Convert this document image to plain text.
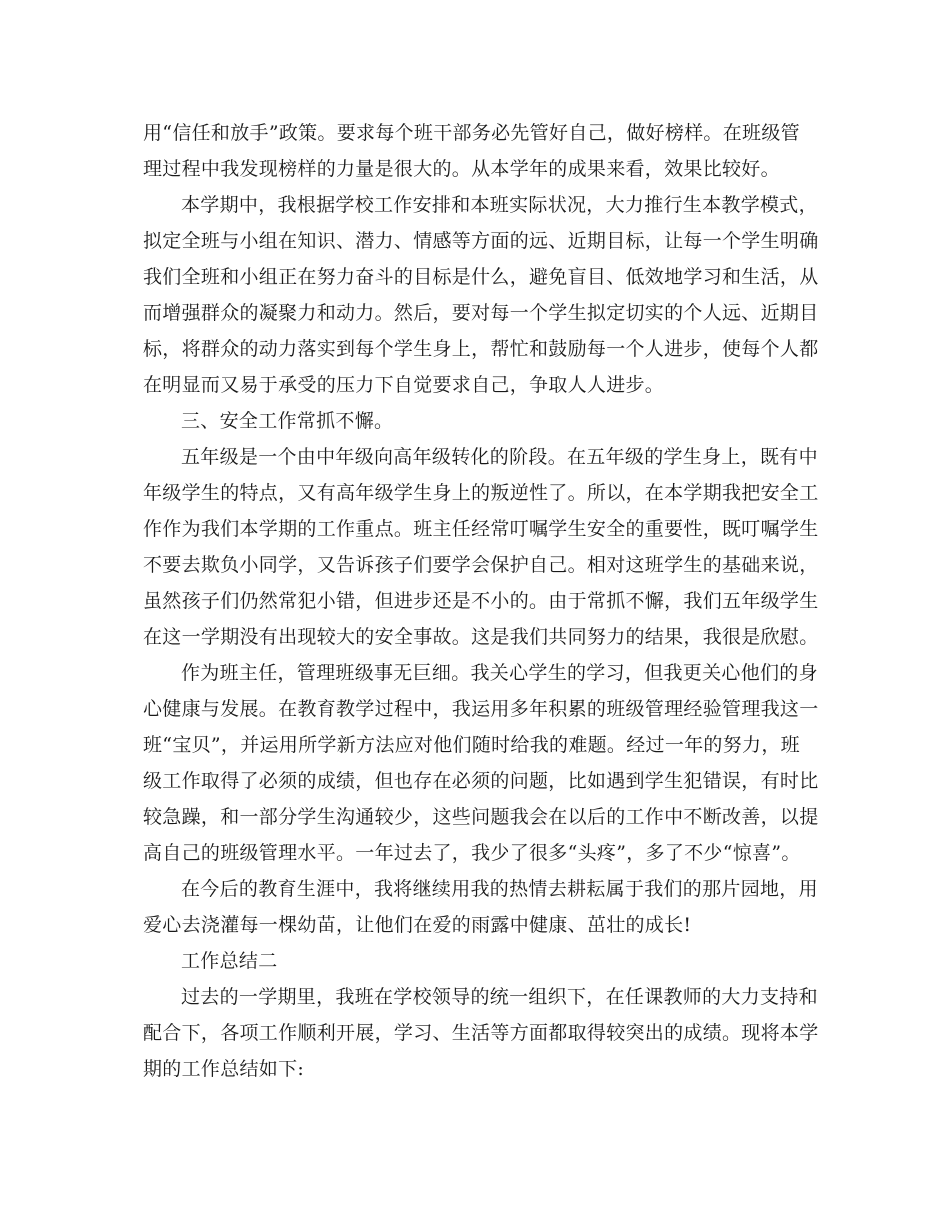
用“信任和放手”政策。要求每个班干部务必先管好自己，做好榜样。在班级管
理过程中我发现榜样的力量是很大的。从本学年的成果来看，效果比较好。
本学期中，我根据学校工作安排和本班实际状况，大力推行生本教学模式，
拟定全班与小组在知识、潜力、情感等方面的远、近期目标，让每一个学生明确
我们全班和小组正在努力奋斗的目标是什么，避免盲目、低效地学习和生活，从
而增强群众的凝聚力和动力。然后，要对每一个学生拟定切实的个人远、近期目
标，将群众的动力落实到每个学生身上，帮忙和鼓励每一个人进步，使每个人都
在明显而又易于承受的压力下自觉要求自己，争取人人进步。
三、安全工作常抓不懈。
五年级是一个由中年级向高年级转化的阶段。在五年级的学生身上，既有中
年级学生的特点，又有高年级学生身上的叛逆性了。所以，在本学期我把安全工
作作为我们本学期的工作重点。班主任经常叮嘱学生安全的重要性，既叮嘱学生
不要去欺负小同学，又告诉孩子们要学会保护自己。相对这班学生的基础来说，
虽然孩子们仍然常犯小错，但进步还是不小的。由于常抓不懈，我们五年级学生
在这一学期没有出现较大的安全事故。这是我们共同努力的结果，我很是欣慰。
作为班主任，管理班级事无巨细。我关心学生的学习，但我更关心他们的身
心健康与发展。在教育教学过程中，我运用多年积累的班级管理经验管理我这一
班“宝贝”，并运用所学新方法应对他们随时给我的难题。经过一年的努力，班
级工作取得了必须的成绩，但也存在必须的问题，比如遇到学生犯错误，有时比
较急躁，和一部分学生沟通较少，这些问题我会在以后的工作中不断改善，以提
高自己的班级管理水平。一年过去了，我少了很多“头疼”，多了不少“惊喜”。
在今后的教育生涯中，我将继续用我的热情去耕耘属于我们的那片园地，用
爱心去浇灌每一棵幼苗，让他们在爱的雨露中健康、茁壮的成长!
工作总结二
过去的一学期里，我班在学校领导的统一组织下，在任课教师的大力支持和
配合下，各项工作顺利开展，学习、生活等方面都取得较突出的成绩。现将本学
期的工作总结如下:
